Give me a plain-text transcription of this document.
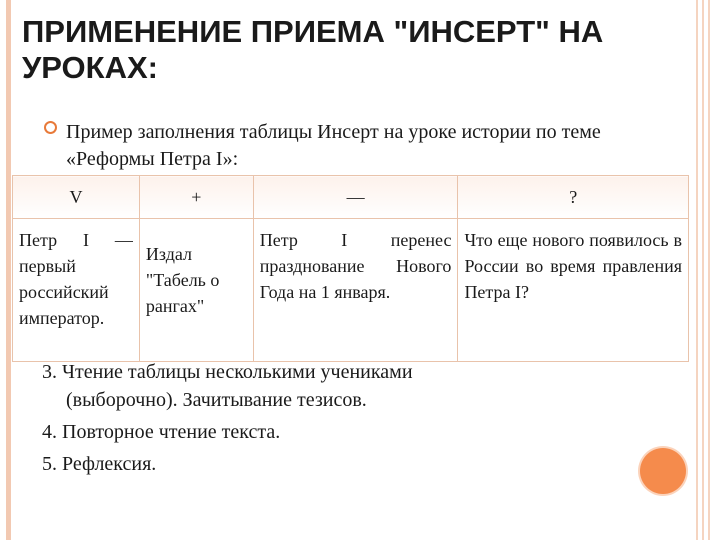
ПРИМЕНЕНИЕ ПРИЕМА "ИНСЕРТ" НА УРОКАХ:
Пример заполнения таблицы Инсерт на уроке истории по теме «Реформы Петра I»:
V	+	—	?

Петр I — первый российский император.	Издал "Табель о рангах"	Петр I перенес празднование Нового Года на 1 января.	Что еще нового появилось в России во время правления Петра I?
3. Чтение таблицы несколькими учениками
(выборочно). Зачитывание тезисов.
4. Повторное чтение текста.
5. Рефлексия.
